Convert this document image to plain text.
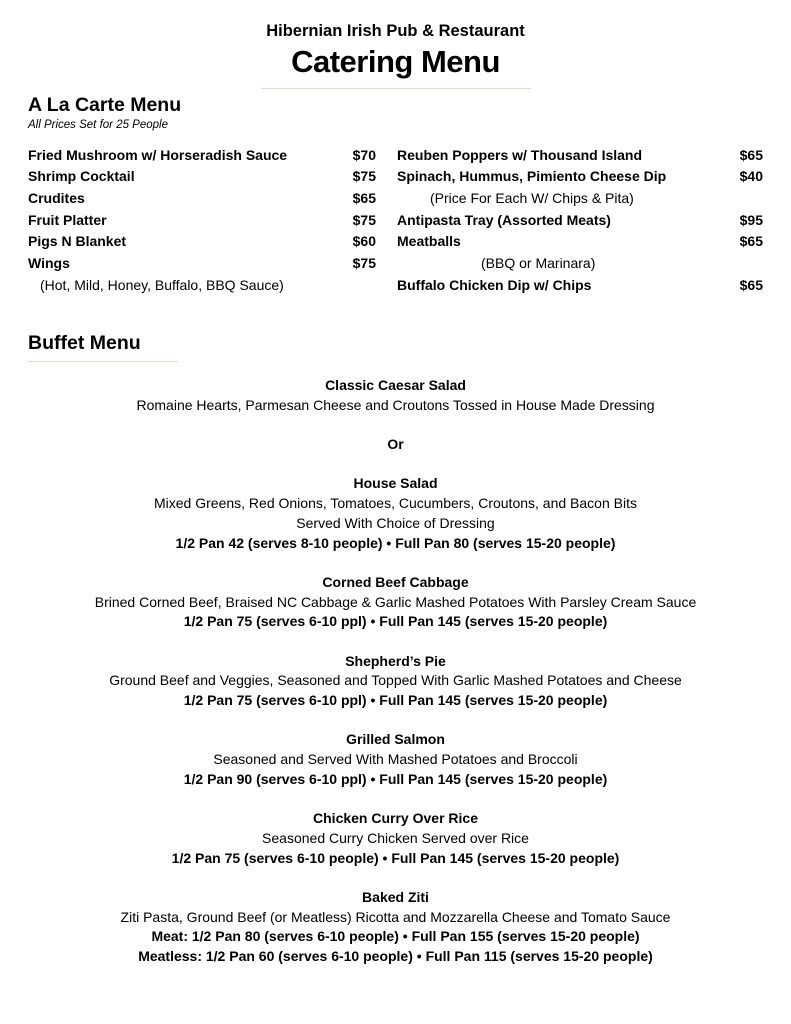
Hibernian Irish Pub & Restaurant
Catering Menu
A La Carte Menu
All Prices Set for 25 People
Fried Mushroom w/ Horseradish Sauce	$70
Shrimp Cocktail	$75
Crudites	$65
Fruit Platter	$75
Pigs N Blanket	$60
Wings	$75
(Hot, Mild, Honey, Buffalo, BBQ Sauce)
Reuben Poppers w/ Thousand Island	$65
Spinach, Hummus, Pimiento Cheese Dip	$40
(Price For Each W/ Chips & Pita)
Antipasta Tray (Assorted Meats)	$95
Meatballs	$65
(BBQ or Marinara)
Buffalo Chicken Dip w/ Chips	$65
Buffet Menu
Classic Caesar Salad
Romaine Hearts, Parmesan Cheese and Croutons Tossed in House Made Dressing
Or
House Salad
Mixed Greens, Red Onions, Tomatoes, Cucumbers, Croutons, and Bacon Bits
Served With Choice of Dressing
1/2 Pan 42 (serves 8-10 people) • Full Pan 80 (serves 15-20 people)
Corned Beef Cabbage
Brined Corned Beef, Braised NC Cabbage & Garlic Mashed Potatoes With Parsley Cream Sauce
1/2 Pan 75 (serves 6-10 ppl) • Full Pan 145 (serves 15-20 people)
Shepherd’s Pie
Ground Beef and Veggies, Seasoned and Topped With Garlic Mashed Potatoes and Cheese
1/2 Pan 75 (serves 6-10 ppl) • Full Pan 145 (serves 15-20 people)
Grilled Salmon
Seasoned and Served With Mashed Potatoes and Broccoli
1/2 Pan 90 (serves 6-10 ppl) • Full Pan 145 (serves 15-20 people)
Chicken Curry Over Rice
Seasoned Curry Chicken Served over Rice
1/2 Pan 75 (serves 6-10 people) • Full Pan 145 (serves 15-20 people)
Baked Ziti
Ziti Pasta, Ground Beef (or Meatless) Ricotta and Mozzarella Cheese and Tomato Sauce
Meat: 1/2 Pan 80 (serves 6-10 people) • Full Pan 155 (serves 15-20 people)
Meatless: 1/2 Pan 60 (serves 6-10 people) • Full Pan 115 (serves 15-20 people)
